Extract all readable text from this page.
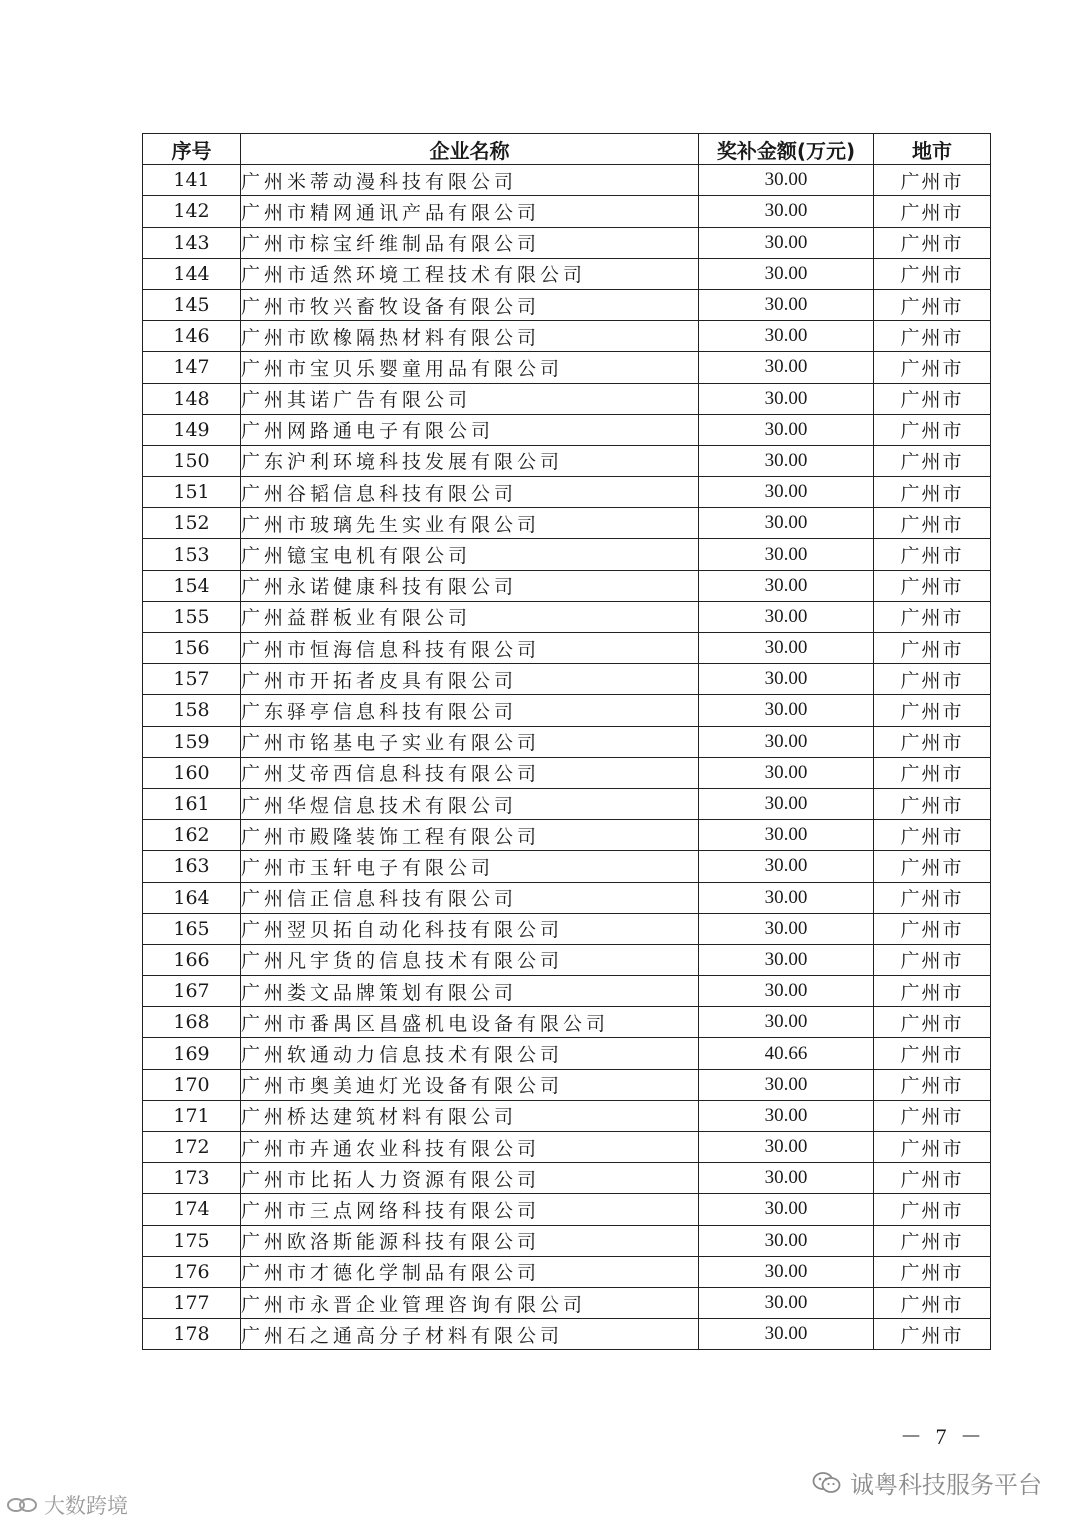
序号	企业名称	奖补金额(万元)	地市
141	广州米蒂动漫科技有限公司	30.00	广州市
142	广州市精网通讯产品有限公司	30.00	广州市
143	广州市棕宝纤维制品有限公司	30.00	广州市
144	广州市适然环境工程技术有限公司	30.00	广州市
145	广州市牧兴畜牧设备有限公司	30.00	广州市
146	广州市欧橡隔热材料有限公司	30.00	广州市
147	广州市宝贝乐婴童用品有限公司	30.00	广州市
148	广州其诺广告有限公司	30.00	广州市
149	广州网路通电子有限公司	30.00	广州市
150	广东沪利环境科技发展有限公司	30.00	广州市
151	广州谷韬信息科技有限公司	30.00	广州市
152	广州市玻璃先生实业有限公司	30.00	广州市
153	广州镱宝电机有限公司	30.00	广州市
154	广州永诺健康科技有限公司	30.00	广州市
155	广州益群板业有限公司	30.00	广州市
156	广州市恒海信息科技有限公司	30.00	广州市
157	广州市开拓者皮具有限公司	30.00	广州市
158	广东驿亭信息科技有限公司	30.00	广州市
159	广州市铭基电子实业有限公司	30.00	广州市
160	广州艾帝西信息科技有限公司	30.00	广州市
161	广州华煜信息技术有限公司	30.00	广州市
162	广州市殿隆装饰工程有限公司	30.00	广州市
163	广州市玉轩电子有限公司	30.00	广州市
164	广州信正信息科技有限公司	30.00	广州市
165	广州翌贝拓自动化科技有限公司	30.00	广州市
166	广州凡宇货的信息技术有限公司	30.00	广州市
167	广州娄文品牌策划有限公司	30.00	广州市
168	广州市番禺区昌盛机电设备有限公司	30.00	广州市
169	广州软通动力信息技术有限公司	40.66	广州市
170	广州市奥美迪灯光设备有限公司	30.00	广州市
171	广州桥达建筑材料有限公司	30.00	广州市
172	广州市卉通农业科技有限公司	30.00	广州市
173	广州市比拓人力资源有限公司	30.00	广州市
174	广州市三点网络科技有限公司	30.00	广州市
175	广州欧洛斯能源科技有限公司	30.00	广州市
176	广州市才德化学制品有限公司	30.00	广州市
177	广州市永晋企业管理咨询有限公司	30.00	广州市
178	广州石之通高分子材料有限公司	30.00	广州市
－ 7 －
诚粤科技服务平台
大数跨境
